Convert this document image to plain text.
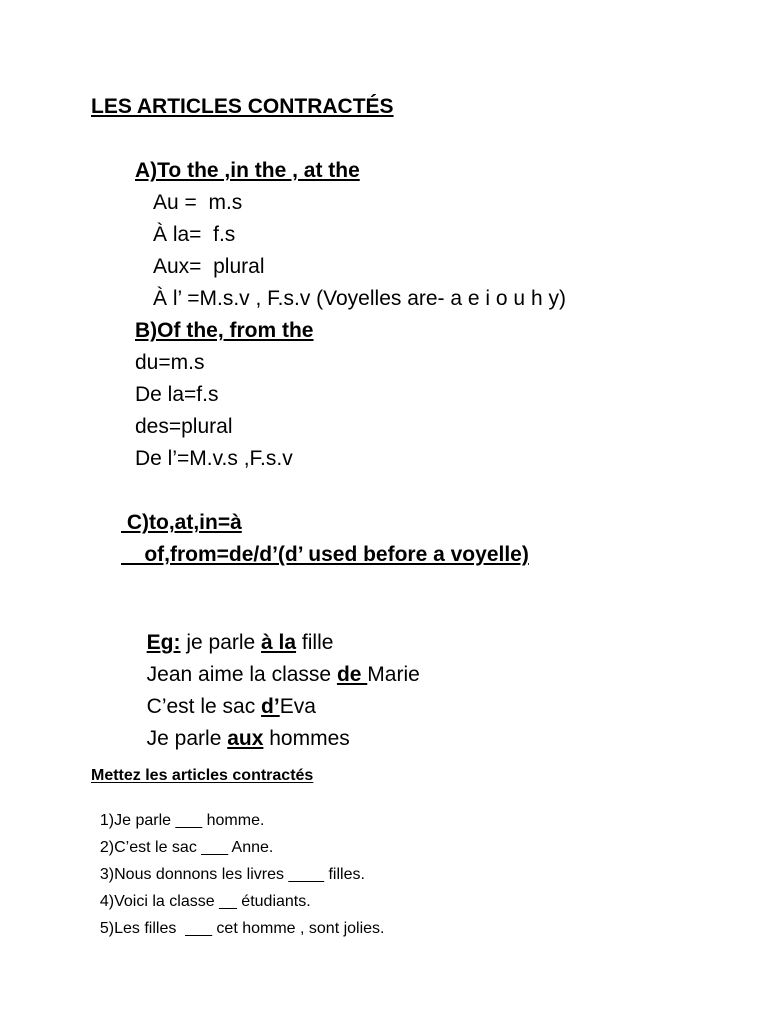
LES ARTICLES CONTRACTÉS
A)To the ,in the , at the
Au =  m.s
À la=  f.s
Aux=  plural
À l’ =M.s.v , F.s.v (Voyelles are- a e i o u h y)
B)Of the, from the
du=m.s
De la=f.s
des=plural
De l’=M.v.s ,F.s.v
C)to,at,in=à
of,from=de/d’(d’ used before a voyelle)

Eg: je parle à la fille

Jean aime la classe de Marie

C’est le sac d’Eva

Je parle aux hommes

Mettez les articles contractés

1)Je parle ___ homme.

2)C’est le sac ___ Anne.

3)Nous donnons les livres ____ filles.

4)Voici la classe __ étudiants.

5)Les filles  ___ cet homme , sont jolies.
